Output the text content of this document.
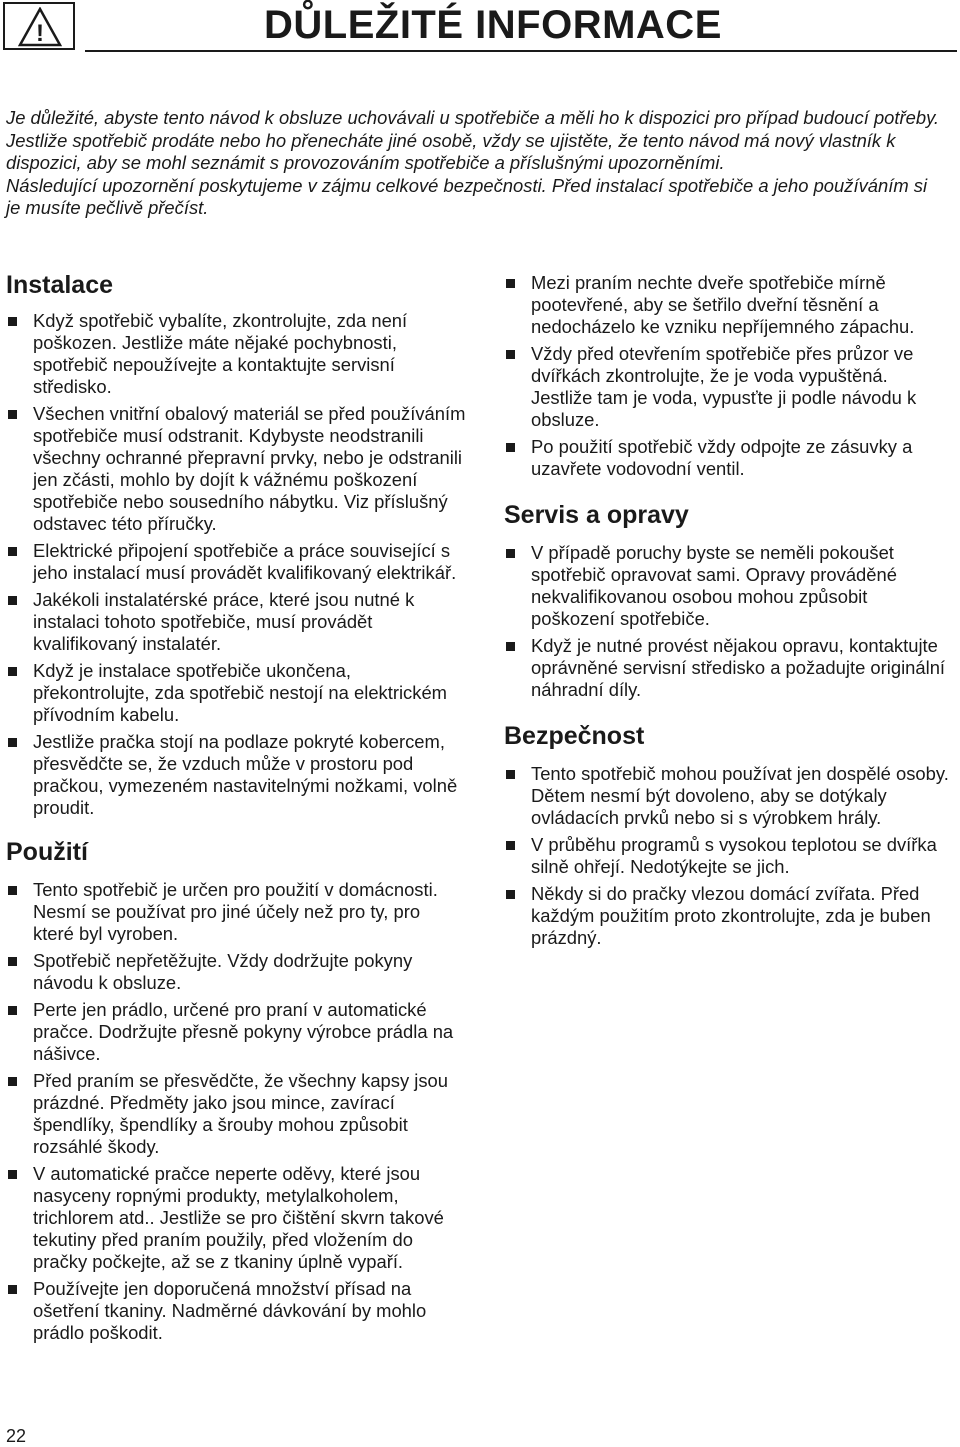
!	DŮLEŽITÉ INFORMACE

Je důležité, abyste tento návod k obsluze uchovávali u spotřebiče a měli ho k dispozici pro případ budoucí potřeby. Jestliže spotřebič prodáte nebo ho přenecháte jiné osobě, vždy se ujistěte, že tento návod má nový vlastník k dispozici, aby se mohl seznámit s provozováním spotřebiče a příslušnými upozorněními.

Následující upozornění poskytujeme v zájmu celkové bezpečnosti. Před instalací spotřebiče a jeho používáním si je musíte pečlivě přečíst.

Instalace
Když spotřebič vybalíte, zkontrolujte, zda není poškozen. Jestliže máte nějaké pochybnosti, spotřebič nepoužívejte a kontaktujte servisní středisko.
Všechen vnitřní obalový materiál se před používáním spotřebiče musí odstranit. Kdybyste neodstranili všechny ochranné přepravní prvky, nebo je odstranili jen zčásti, mohlo by dojít k vážnému poškození spotřebiče nebo sousedního nábytku. Viz příslušný odstavec této příručky.
Elektrické připojení spotřebiče a práce související s jeho instalací musí provádět kvalifikovaný elektrikář.
Jakékoli instalatérské práce, které jsou nutné k instalaci tohoto spotřebiče, musí provádět kvalifikovaný instalatér.
Když je instalace spotřebiče ukončena, překontrolujte, zda spotřebič nestojí na elektrickém přívodním kabelu.
Jestliže pračka stojí na podlaze pokryté kobercem, přesvědčte se, že vzduch může v prostoru pod pračkou, vymezeném nastavitelnými nožkami, volně proudit.
Použití
Tento spotřebič je určen pro použití v domácnosti. Nesmí se používat pro jiné účely než pro ty, pro které byl vyroben.
Spotřebič nepřetěžujte. Vždy dodržujte pokyny návodu k obsluze.
Perte jen prádlo, určené pro praní v automatické pračce. Dodržujte přesně pokyny výrobce prádla na nášivce.
Před praním se přesvědčte, že všechny kapsy jsou prázdné. Předměty jako jsou mince, zavírací špendlíky, špendlíky a šrouby mohou způsobit rozsáhlé škody.
V automatické pračce neperte oděvy, které jsou nasyceny ropnými produkty, metylalkoholem, trichlorem atd.. Jestliže se pro čištění skvrn takové tekutiny před praním použily, před vložením do pračky počkejte, až se z tkaniny úplně vypaří.
Používejte jen doporučená množství přísad na ošetření tkaniny. Nadměrné dávkování by mohlo prádlo poškodit.
Mezi praním nechte dveře spotřebiče mírně pootevřené, aby se šetřilo dveřní těsnění a nedocházelo ke vzniku nepříjemného zápachu.
Vždy před otevřením spotřebiče přes průzor ve dvířkách zkontrolujte, že je voda vypuštěná. Jestliže tam je voda, vypusťte ji podle návodu k obsluze.
Po použití spotřebič vždy odpojte ze zásuvky a uzavřete vodovodní ventil.
Servis a opravy
V případě poruchy byste se neměli pokoušet spotřebič opravovat sami. Opravy prováděné nekvalifikovanou osobou mohou způsobit poškození spotřebiče.
Když je nutné provést nějakou opravu, kontaktujte oprávněné servisní středisko a požadujte originální náhradní díly.
Bezpečnost
Tento spotřebič mohou používat jen dospělé osoby. Dětem nesmí být dovoleno, aby se dotýkaly ovládacích prvků nebo si s výrobkem hrály.
V průběhu programů s vysokou teplotou se dvířka silně ohřejí. Nedotýkejte se jich.
Někdy si do pračky vlezou domácí zvířata. Před každým použitím proto zkontrolujte, zda je buben prázdný.
22
